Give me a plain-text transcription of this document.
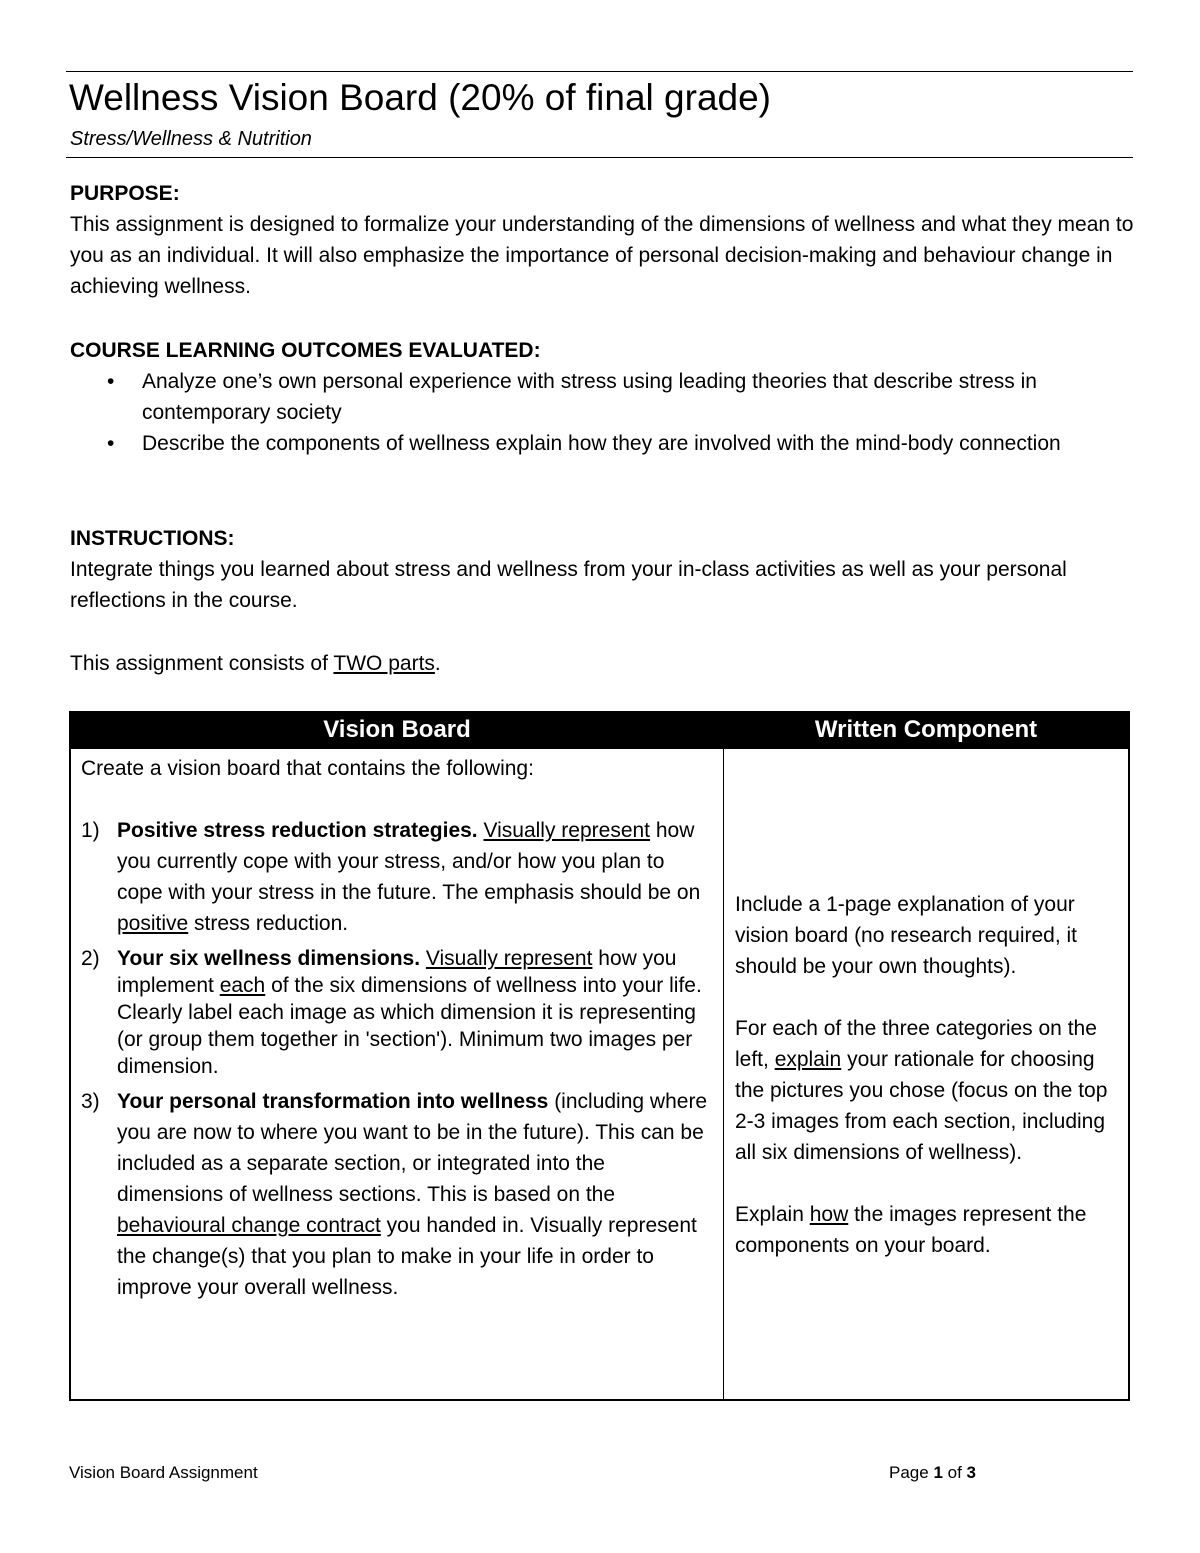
Wellness Vision Board (20% of final grade)
Stress/Wellness & Nutrition
PURPOSE:
This assignment is designed to formalize your understanding of the dimensions of wellness and what they mean to you as an individual. It will also emphasize the importance of personal decision-making and behaviour change in achieving wellness.
COURSE LEARNING OUTCOMES EVALUATED:
• Analyze one’s own personal experience with stress using leading theories that describe stress in contemporary society
• Describe the components of wellness explain how they are involved with the mind-body connection
INSTRUCTIONS:
Integrate things you learned about stress and wellness from your in-class activities as well as your personal reflections in the course.
This assignment consists of TWO parts.
Vision Board	Written Component
Create a vision board that contains the following:
1) Positive stress reduction strategies. Visually represent how you currently cope with your stress, and/or how you plan to cope with your stress in the future. The emphasis should be on positive stress reduction.
2) Your six wellness dimensions. Visually represent how you implement each of the six dimensions of wellness into your life. Clearly label each image as which dimension it is representing (or group them together in 'section'). Minimum two images per dimension.
3) Your personal transformation into wellness (including where you are now to where you want to be in the future). This can be included as a separate section, or integrated into the dimensions of wellness sections. This is based on the behavioural change contract you handed in. Visually represent the change(s) that you plan to make in your life in order to improve your overall wellness.
Include a 1-page explanation of your vision board (no research required, it should be your own thoughts).
For each of the three categories on the left, explain your rationale for choosing the pictures you chose (focus on the top 2-3 images from each section, including all six dimensions of wellness).
Explain how the images represent the components on your board.
Vision Board Assignment	Page 1 of 3
